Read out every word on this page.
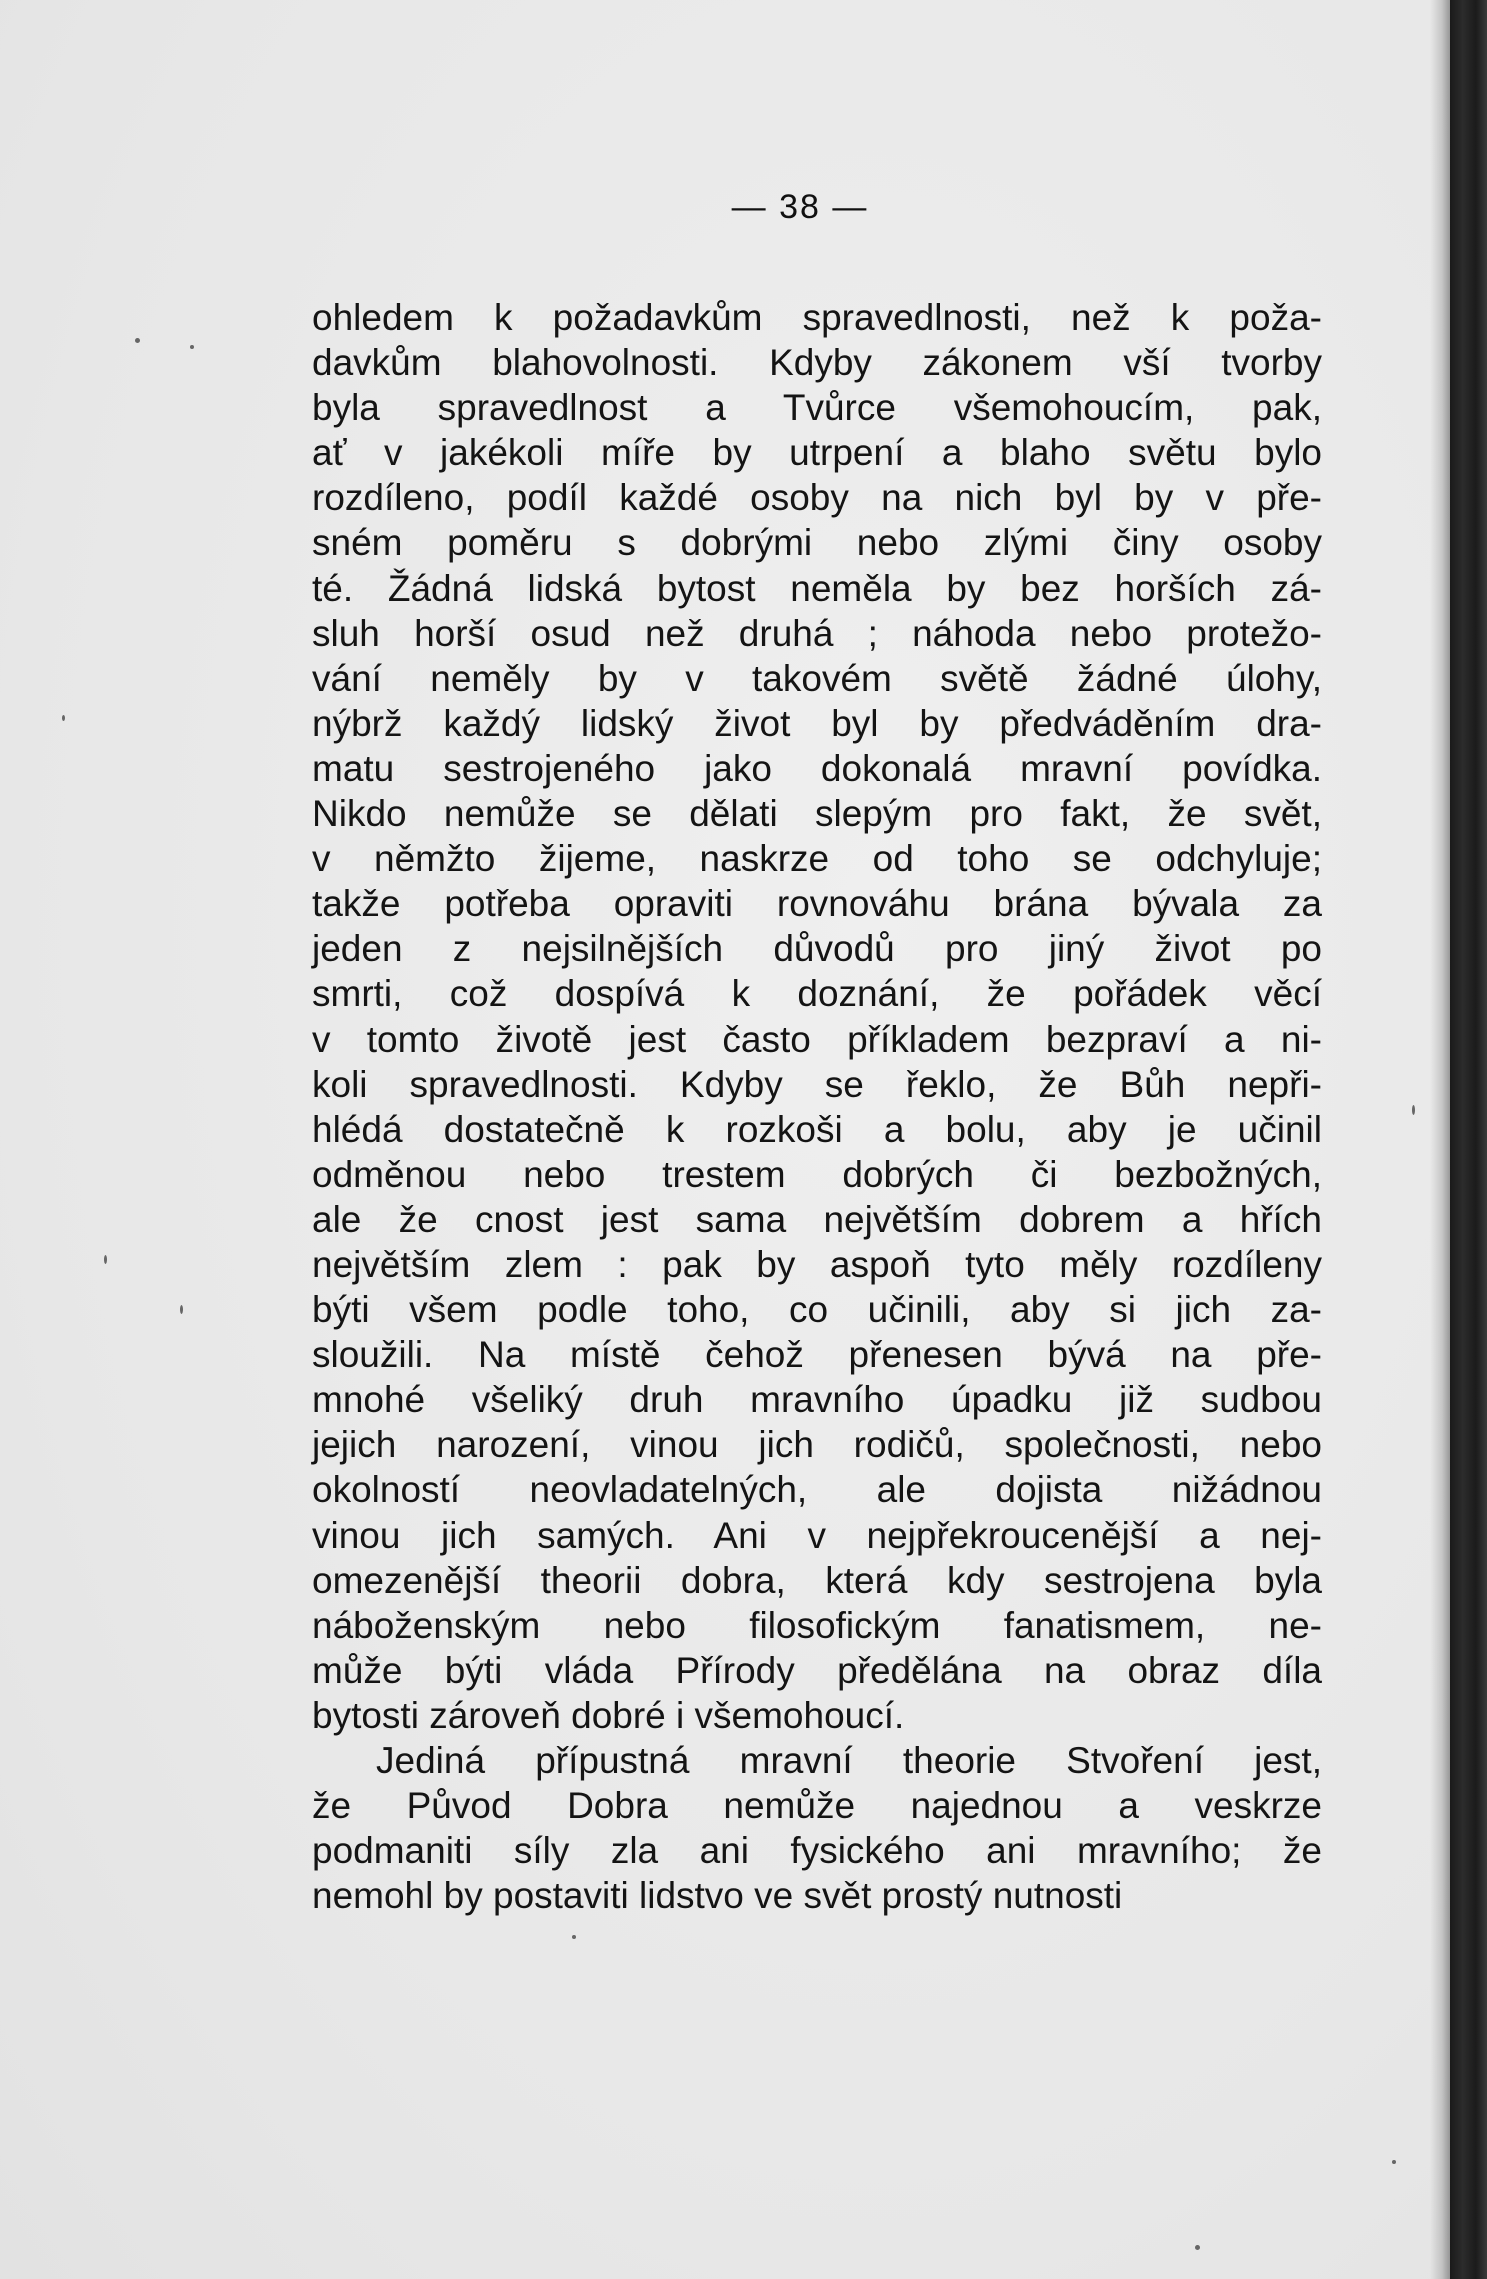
— 38 —
ohledem k požadavkům spravedlnosti, než k poža-
davkům blahovolnosti. Kdyby zákonem vší tvorby
byla spravedlnost a Tvůrce všemohoucím, pak,
ať v jakékoli míře by utrpení a blaho světu bylo
rozdíleno, podíl každé osoby na nich byl by v pře-
sném poměru s dobrými nebo zlými činy osoby
té. Žádná lidská bytost neměla by bez horších zá-
sluh horší osud než druhá ; náhoda nebo protežo-
vání neměly by v takovém světě žádné úlohy,
nýbrž každý lidský život byl by předváděním dra-
matu sestrojeného jako dokonalá mravní povídka.
Nikdo nemůže se dělati slepým pro fakt, že svět,
v němžto žijeme, naskrze od toho se odchyluje;
takže potřeba opraviti rovnováhu brána bývala za
jeden z nejsilnějších důvodů pro jiný život po
smrti, což dospívá k doznání, že pořádek věcí
v tomto životě jest často příkladem bezpraví a ni-
koli spravedlnosti. Kdyby se řeklo, že Bůh nepři-
hlédá dostatečně k rozkoši a bolu, aby je učinil
odměnou nebo trestem dobrých či bezbožných,
ale že cnost jest sama největším dobrem a hřích
největším zlem : pak by aspoň tyto měly rozdíleny
býti všem podle toho, co učinili, aby si jich za-
sloužili. Na místě čehož přenesen bývá na pře-
mnohé všeliký druh mravního úpadku již sudbou
jejich narození, vinou jich rodičů, společnosti, nebo
okolností neovladatelných, ale dojista nižádnou
vinou jich samých. Ani v nejpřekroucenější a nej-
omezenější theorii dobra, která kdy sestrojena byla
náboženským nebo filosofickým fanatismem, ne-
může býti vláda Přírody předělána na obraz díla
bytosti zároveň dobré i všemohoucí.
Jediná přípustná mravní theorie Stvoření jest,
že Původ Dobra nemůže najednou a veskrze
podmaniti síly zla ani fysického ani mravního; že
nemohl by postaviti lidstvo ve svět prostý nutnosti
